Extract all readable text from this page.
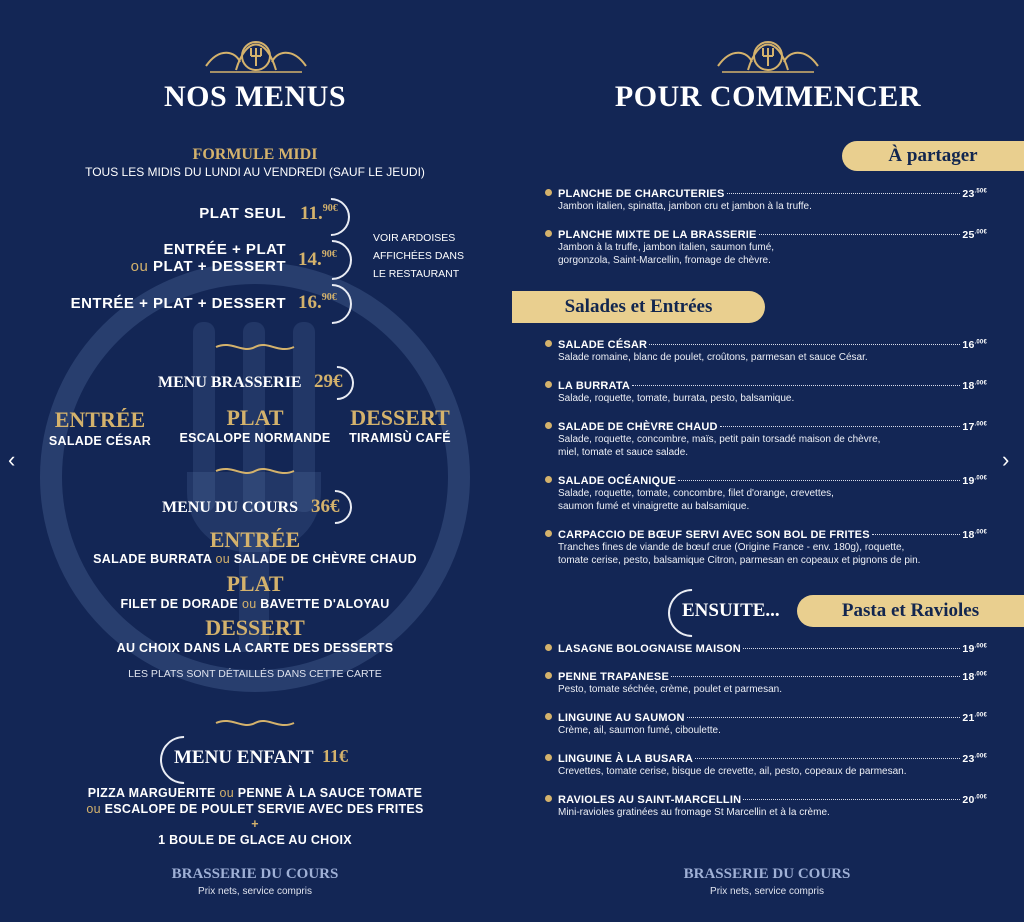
NOS MENUS	POUR COMMENCER
FORMULE MIDI
TOUS LES MIDIS DU LUNDI AU VENDREDI (SAUF LE JEUDI)
PLAT SEUL 11.$^{90€}$
ENTRÉE + PLAT
ou PLAT + DESSERT 14.$^{90€}$
ENTRÉE + PLAT + DESSERT 16.$^{90€}$
VOIR ARDOISES
AFFICHÉES DANS
LE RESTAURANT
MENU BRASSERIE 29€
ENTRÉE
SALADE CÉSAR
PLAT
ESCALOPE NORMANDE
DESSERT
TIRAMISÙ CAFÉ
MENU DU COURS 36€
ENTRÉE
SALADE BURRATA ou SALADE DE CHÈVRE CHAUD
PLAT
FILET DE DORADE ou BAVETTE D'ALOYAU
DESSERT
AU CHOIX DANS LA CARTE DES DESSERTS
LES PLATS SONT DÉTAILLÉS DANS CETTE CARTE
MENU ENFANT 11€
PIZZA MARGUERITE ou PENNE À LA SAUCE TOMATE
ou ESCALOPE DE POULET SERVIE AVEC DES FRITES
+
1 BOULE DE GLACE AU CHOIX
BRASSERIE DU COURS
Prix nets, service compris
À partager
PLANCHE DE CHARCUTERIES	$23^{.50€}$
Jambon italien, spinatta, jambon cru et jambon à la truffe.
PLANCHE MIXTE DE LA BRASSERIE	$25^{.00€}$
Jambon à la truffe, jambon italien, saumon fumé,
gorgonzola, Saint-Marcellin, fromage de chèvre.
Salades et Entrées
SALADE CÉSAR	$16^{.00€}$
Salade romaine, blanc de poulet, croûtons, parmesan et sauce César.
LA BURRATA	$18^{.00€}$
Salade, roquette, tomate, burrata, pesto, balsamique.
SALADE DE CHÈVRE CHAUD	$17^{.00€}$
Salade, roquette, concombre, maïs, petit pain torsadé maison de chèvre,
miel, tomate et sauce salade.
SALADE OCÉANIQUE	$19^{.00€}$
Salade, roquette, tomate, concombre, filet d'orange, crevettes,
saumon fumé et vinaigrette au balsamique.
CARPACCIO DE BŒUF SERVI AVEC SON BOL DE FRITES	$18^{.00€}$
Tranches fines de viande de bœuf crue (Origine France - env. 180g), roquette,
tomate cerise, pesto, balsamique Citron, parmesan en copeaux et pignons de pin.
ENSUITE...	Pasta et Ravioles
LASAGNE BOLOGNAISE MAISON	$19^{.00€}$
PENNE TRAPANESE	$18^{.00€}$
Pesto, tomate séchée, crème, poulet et parmesan.
LINGUINE AU SAUMON	$21^{.00€}$
Crème, ail, saumon fumé, ciboulette.
LINGUINE À LA BUSARA	$23^{.00€}$
Crevettes, tomate cerise, bisque de crevette, ail, pesto, copeaux de parmesan.
RAVIOLES AU SAINT-MARCELLIN	$20^{.00€}$
Mini-ravioles gratinées au fromage St Marcellin et à la crème.
BRASSERIE DU COURS
Prix nets, service compris
‹	›
